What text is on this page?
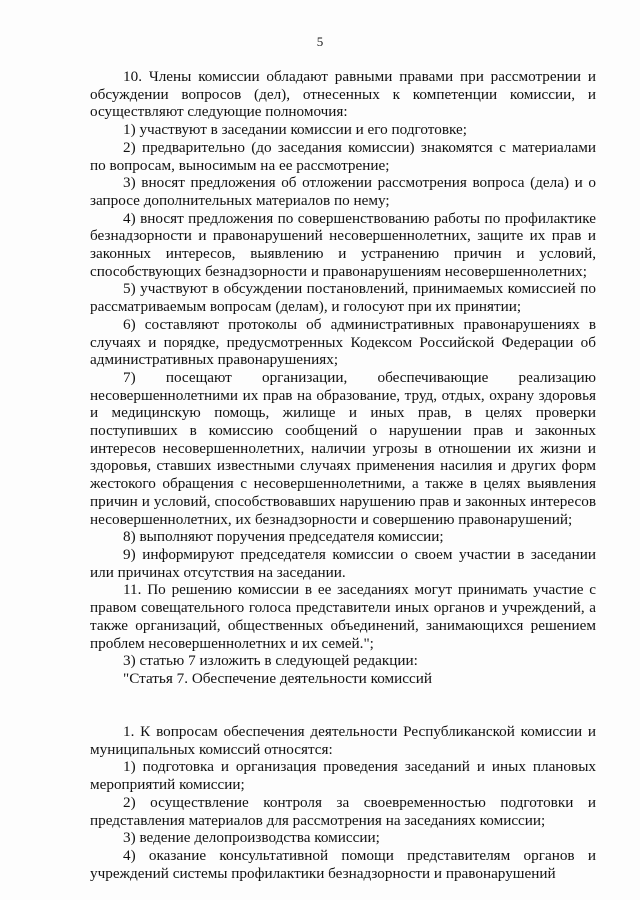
5

10. Члены комиссии обладают равными правами при рассмотрении и обсуждении вопросов (дел), отнесенных к компетенции комиссии, и осуществляют следующие полномочия:

1) участвуют в заседании комиссии и его подготовке;

2) предварительно (до заседания комиссии) знакомятся с материалами по вопросам, выносимым на ее рассмотрение;

3) вносят предложения об отложении рассмотрения вопроса (дела) и о запросе дополнительных материалов по нему;

4) вносят предложения по совершенствованию работы по профилактике безнадзорности и правонарушений несовершеннолетних, защите их прав и законных интересов, выявлению и устранению причин и условий, способствующих безнадзорности и правонарушениям несовершеннолетних;

5) участвуют в обсуждении постановлений, принимаемых комиссией по рассматриваемым вопросам (делам), и голосуют при их принятии;

6) составляют протоколы об административных правонарушениях в случаях и порядке, предусмотренных Кодексом Российской Федерации об административных правонарушениях;

7) посещают организации, обеспечивающие реализацию несовершеннолетними их прав на образование, труд, отдых, охрану здоровья и медицинскую помощь, жилище и иных прав, в целях проверки поступивших в комиссию сообщений о нарушении прав и законных интересов несовершеннолетних, наличии угрозы в отношении их жизни и здоровья, ставших известными случаях применения насилия и других форм жестокого обращения с несовершеннолетними, а также в целях выявления причин и условий, способствовавших нарушению прав и законных интересов несовершеннолетних, их безнадзорности и совершению правонарушений;

8) выполняют поручения председателя комиссии;

9) информируют председателя комиссии о своем участии в заседании или причинах отсутствия на заседании.

11. По решению комиссии в ее заседаниях могут принимать участие с правом совещательного голоса представители иных органов и учреждений, а также организаций, общественных объединений, занимающихся решением проблем несовершеннолетних и их семей.";

3) статью 7 изложить в следующей редакции:

"Статья 7. Обеспечение деятельности комиссий

1. К вопросам обеспечения деятельности Республиканской комиссии и муниципальных комиссий относятся:

1) подготовка и организация проведения заседаний и иных плановых мероприятий комиссии;

2) осуществление контроля за своевременностью подготовки и представления материалов для рассмотрения на заседаниях комиссии;

3) ведение делопроизводства комиссии;

4) оказание консультативной помощи представителям органов и учреждений системы профилактики безнадзорности и правонарушений
